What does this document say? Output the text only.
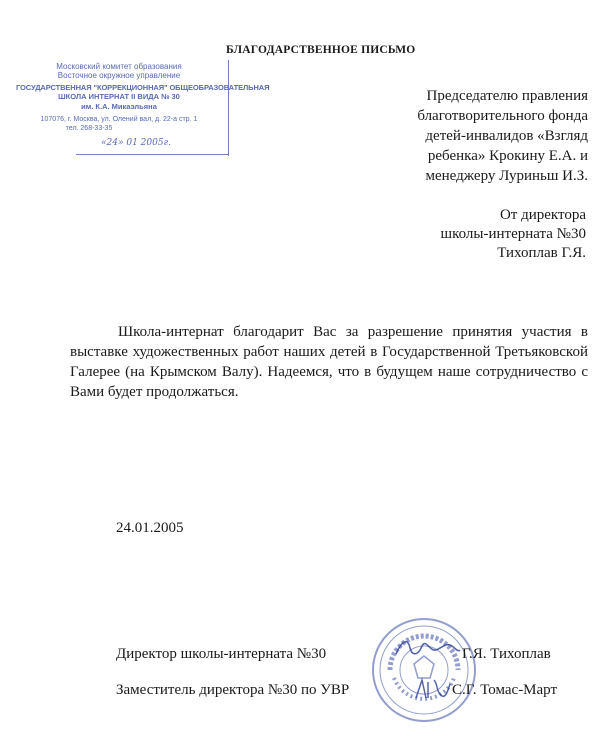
БЛАГОДАРСТВЕННОЕ ПИСЬМО
Московский комитет образования
Восточное окружное управление
ГОСУДАРСТВЕННАЯ "КОРРЕКЦИОННАЯ" ОБЩЕОБРАЗОВАТЕЛЬНАЯ
ШКОЛА ИНТЕРНАТ II ВИДА № 30
им. К.А. Микаэльяна
107076, г. Москва, ул. Олений вал, д. 22-а стр. 1
тел. 268-33-35
«24» 01 2005г.
Председателю правления
благотворительного фонда
детей-инвалидов «Взгляд
ребенка» Крокину Е.А. и
менеджеру Луриньш И.З.
От директора
школы-интерната №30
Тихоплав Г.Я.

Школа-интернат благодарит Вас за разрешение принятия участия в выставке художественных работ наших детей в Государственной Третьяковской Галерее (на Крымском Валу). Надеемся, что в будущем наше сотрудничество с Вами будет продолжаться.

24.01.2005
Директор школы-интерната №30	Г.Я. Тихоплав
Заместитель директора №30 по УВР	С.Г. Томас-Март
